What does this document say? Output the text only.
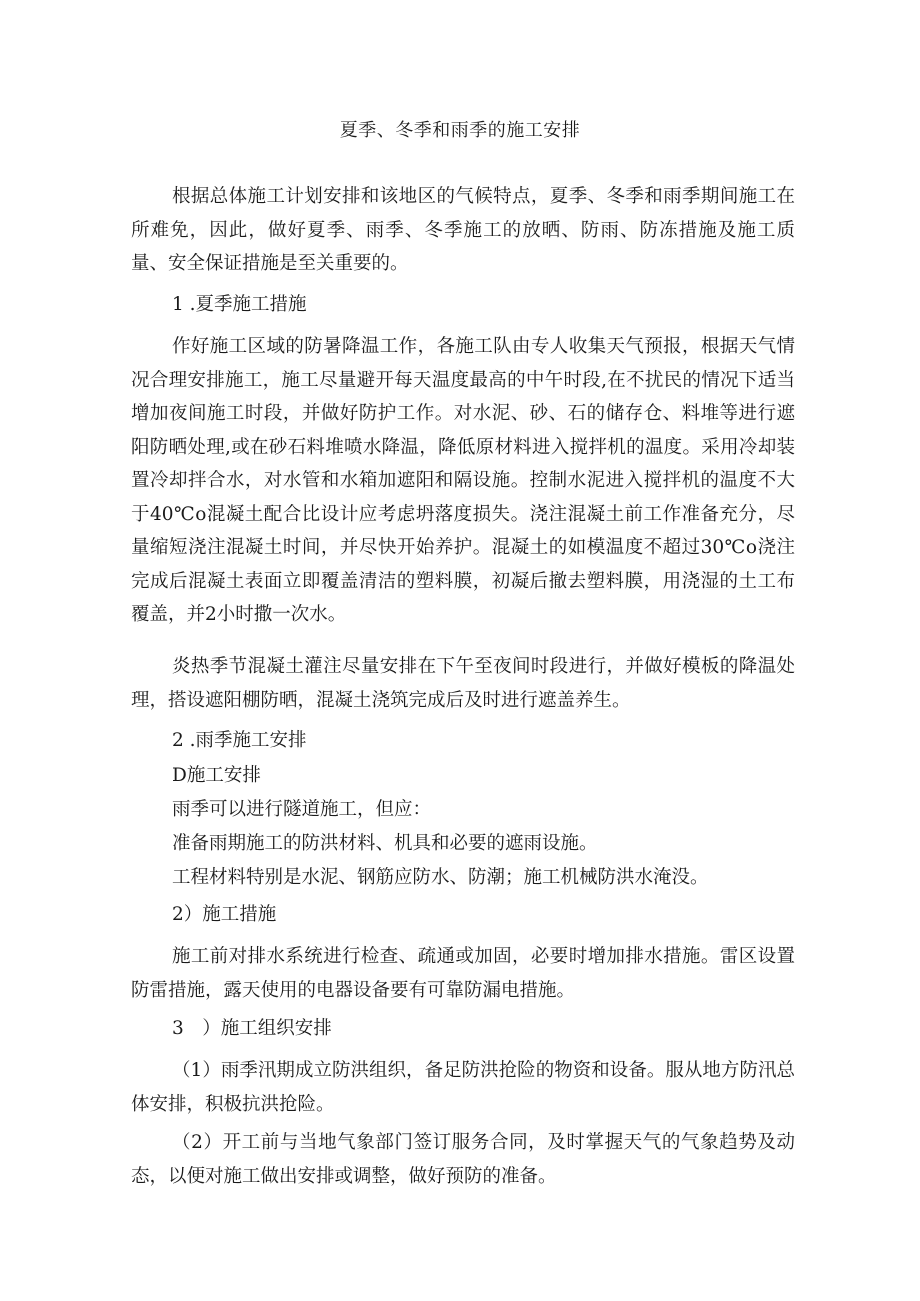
夏季、冬季和雨季的施工安排

根据总体施工计划安排和该地区的气候特点，夏季、冬季和雨季期间施工在所难免，因此，做好夏季、雨季、冬季施工的放晒、防雨、防冻措施及施工质量、安全保证措施是至关重要的。

1 .夏季施工措施

作好施工区域的防暑降温工作，各施工队由专人收集天气预报，根据天气情况合理安排施工，施工尽量避开每天温度最高的中午时段,在不扰民的情况下适当增加夜间施工时段，并做好防护工作。对水泥、砂、石的储存仓、料堆等进行遮阳防晒处理,或在砂石料堆喷水降温，降低原材料进入搅拌机的温度。采用冷却装置冷却拌合水，对水管和水箱加遮阳和隔设施。控制水泥进入搅拌机的温度不大于40℃o混凝土配合比设计应考虑坍落度损失。浇注混凝土前工作准备充分，尽量缩短浇注混凝土时间，并尽快开始养护。混凝土的如模温度不超过30℃o浇注完成后混凝土表面立即覆盖清洁的塑料膜，初凝后撤去塑料膜，用浇湿的土工布覆盖，并2小时撒一次水。

炎热季节混凝土灌注尽量安排在下午至夜间时段进行，并做好模板的降温处理，搭设遮阳棚防晒，混凝土浇筑完成后及时进行遮盖养生。

2 .雨季施工安排

D施工安排

雨季可以进行隧道施工，但应：

准备雨期施工的防洪材料、机具和必要的遮雨设施。

工程材料特别是水泥、钢筋应防水、防潮；施工机械防洪水淹没。

2）施工措施

施工前对排水系统进行检查、疏通或加固，必要时增加排水措施。雷区设置防雷措施，露天使用的电器设备要有可靠防漏电措施。

3　）施工组织安排

（1）雨季汛期成立防洪组织，备足防洪抢险的物资和设备。服从地方防汛总体安排，积极抗洪抢险。

（2）开工前与当地气象部门签订服务合同，及时掌握天气的气象趋势及动态，以便对施工做出安排或调整，做好预防的准备。
